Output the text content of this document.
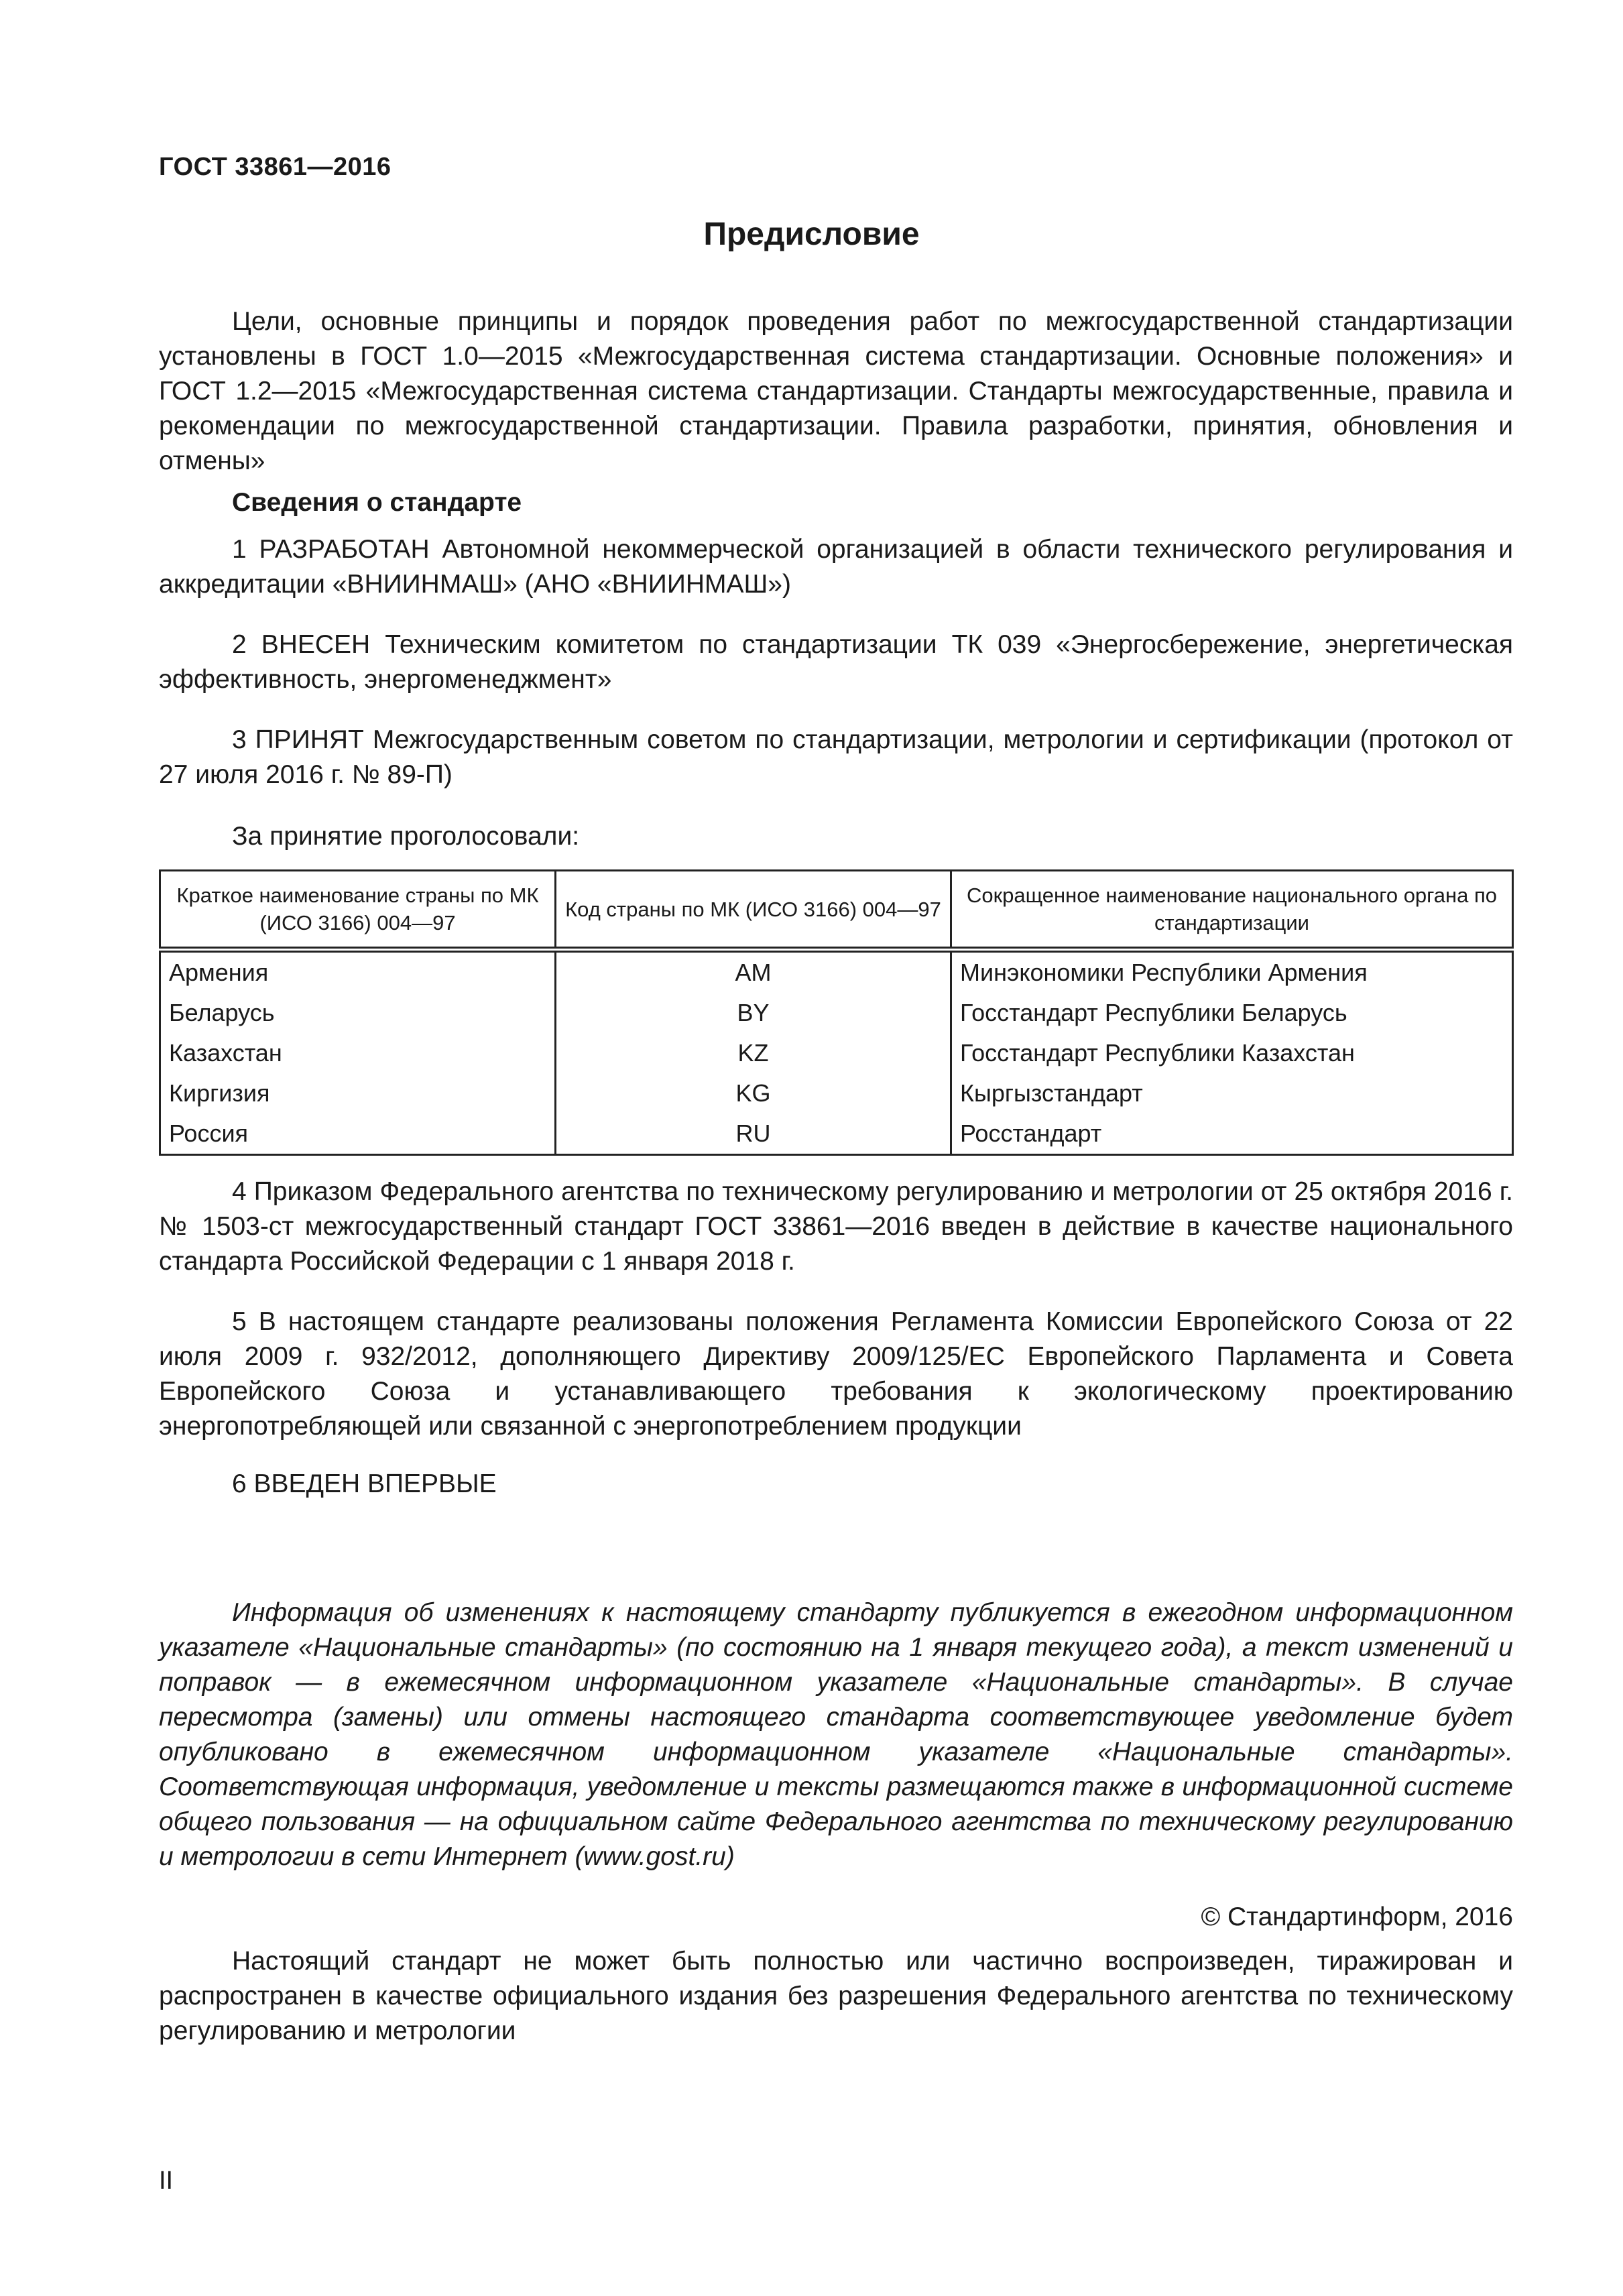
ГОСТ 33861—2016
Предисловие

Цели, основные принципы и порядок проведения работ по межгосударственной стандартизации установлены в ГОСТ 1.0—2015 «Межгосударственная система стандартизации. Основные положения» и ГОСТ 1.2—2015 «Межгосударственная система стандартизации. Стандарты межгосударственные, правила и рекомендации по межгосударственной стандартизации. Правила разработки, принятия, обновления и отмены»

Сведения о стандарте

1 РАЗРАБОТАН Автономной некоммерческой организацией в области технического регулирования и аккредитации «ВНИИНМАШ» (АНО «ВНИИНМАШ»)

2 ВНЕСЕН Техническим комитетом по стандартизации ТК 039 «Энергосбережение, энергетическая эффективность, энергоменеджмент»

3 ПРИНЯТ Межгосударственным советом по стандартизации, метрологии и сертификации (протокол от 27 июля 2016 г. № 89-П)

За принятие проголосовали:
Краткое наименование страны по МК (ИСО 3166) 004—97	Код страны по МК (ИСО 3166) 004—97	Сокращенное наименование национального органа по стандартизации
Армения	AM	Минэкономики Республики Армения
Беларусь	BY	Госстандарт Республики Беларусь
Казахстан	KZ	Госстандарт Республики Казахстан
Киргизия	KG	Кыргызстандарт
Россия	RU	Росстандарт

4 Приказом Федерального агентства по техническому регулированию и метрологии от 25 октября 2016 г. № 1503-ст межгосударственный стандарт ГОСТ 33861—2016 введен в действие в качестве национального стандарта Российской Федерации с 1 января 2018 г.

5 В настоящем стандарте реализованы положения Регламента Комиссии Европейского Союза от 22 июля 2009 г. 932/2012, дополняющего Директиву 2009/125/ЕС Европейского Парламента и Совета Европейского Союза и устанавливающего требования к экологическому проектированию энергопотребляющей или связанной с энергопотреблением продукции

6 ВВЕДЕН ВПЕРВЫЕ

Информация об изменениях к настоящему стандарту публикуется в ежегодном информационном указателе «Национальные стандарты» (по состоянию на 1 января текущего года), а текст изменений и поправок — в ежемесячном информационном указателе «Национальные стандарты». В случае пересмотра (замены) или отмены настоящего стандарта соответствующее уведомление будет опубликовано в ежемесячном информационном указателе «Национальные стандарты». Соответствующая информация, уведомление и тексты размещаются также в информационной системе общего пользования — на официальном сайте Федерального агентства по техническому регулированию и метрологии в сети Интернет (www.gost.ru)

© Стандартинформ, 2016

Настоящий стандарт не может быть полностью или частично воспроизведен, тиражирован и распространен в качестве официального издания без разрешения Федерального агентства по техническому регулированию и метрологии

II
